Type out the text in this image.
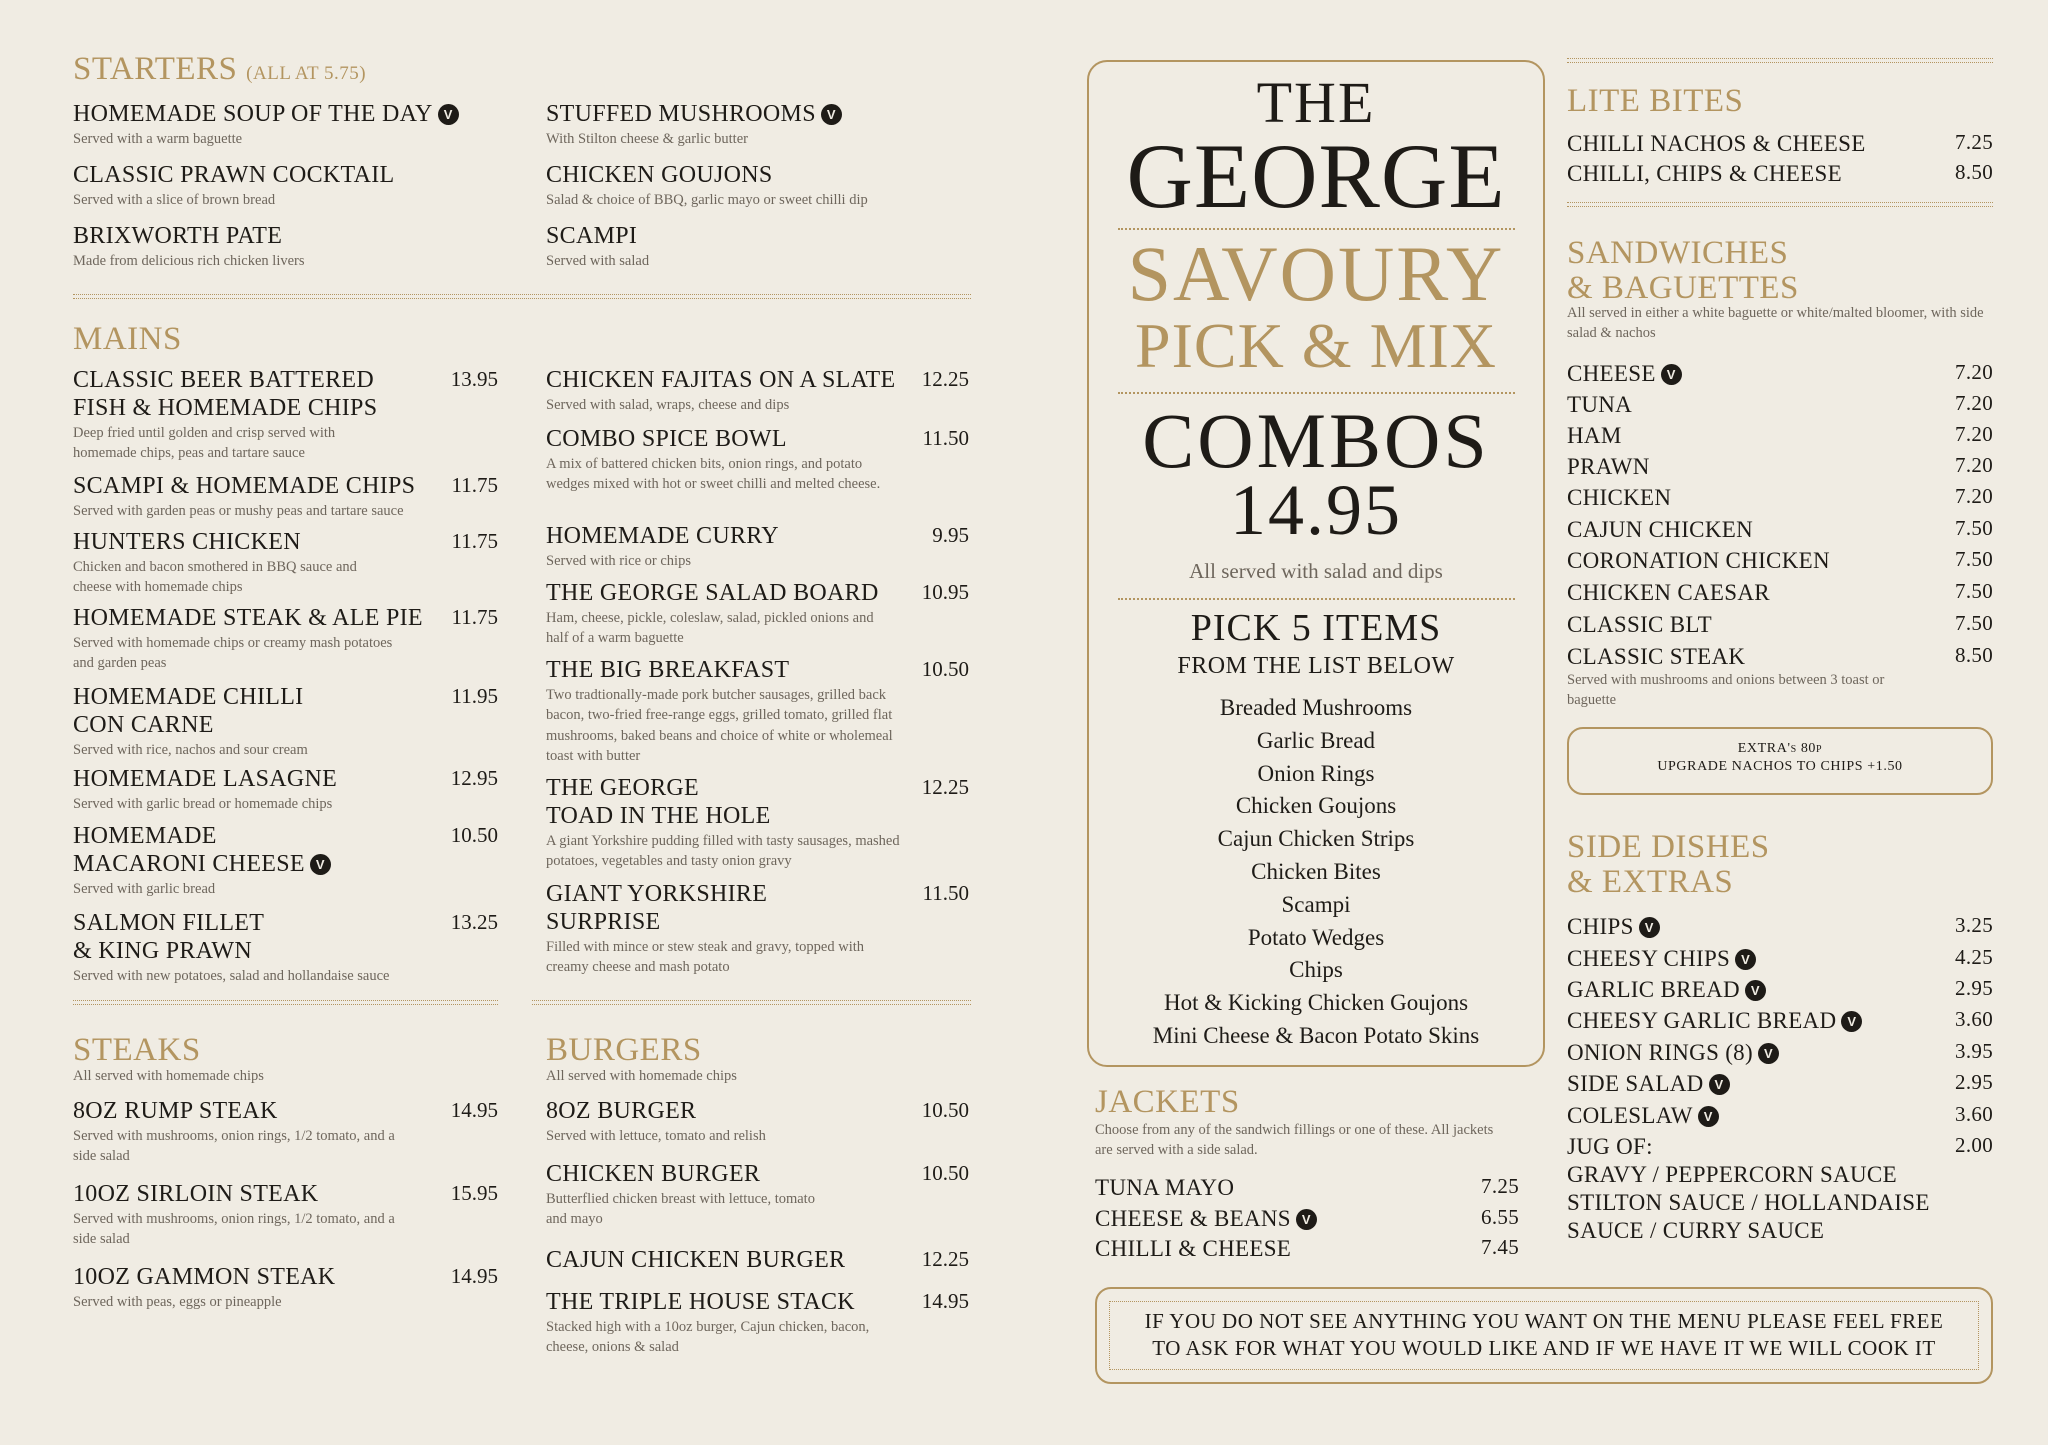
STARTERS (ALL AT 5.75)
HOMEMADE SOUP OF THE DAY V
Served with a warm baguette
CLASSIC PRAWN COCKTAIL
Served with a slice of brown bread
BRIXWORTH PATE
Made from delicious rich chicken livers
STUFFED MUSHROOMS V
With Stilton cheese & garlic butter
CHICKEN GOUJONS
Salad & choice of BBQ, garlic mayo or sweet chilli dip
SCAMPI
Served with salad
MAINS
CLASSIC BEER BATTERED
FISH & HOMEMADE CHIPS
Deep fried until golden and crisp served with homemade chips, peas and tartare sauce
13.95
SCAMPI & HOMEMADE CHIPS
Served with garden peas or mushy peas and tartare sauce
11.75
HUNTERS CHICKEN
Chicken and bacon smothered in BBQ sauce and cheese with homemade chips
11.75
HOMEMADE STEAK & ALE PIE
Served with homemade chips or creamy mash potatoes and garden peas
11.75
HOMEMADE CHILLI
CON CARNE
Served with rice, nachos and sour cream
11.95
HOMEMADE LASAGNE
Served with garlic bread or homemade chips
12.95
HOMEMADE
MACARONI CHEESE V
Served with garlic bread
10.50
SALMON FILLET
& KING PRAWN
Served with new potatoes, salad and hollandaise sauce
13.25
CHICKEN FAJITAS ON A SLATE
Served with salad, wraps, cheese and dips
12.25
COMBO SPICE BOWL
A mix of battered chicken bits, onion rings, and potato wedges mixed with hot or sweet chilli and melted cheese.
11.50
HOMEMADE CURRY
Served with rice or chips
9.95
THE GEORGE SALAD BOARD
Ham, cheese, pickle, coleslaw, salad, pickled onions and half of a warm baguette
10.95
THE BIG BREAKFAST
Two tradtionally-made pork butcher sausages, grilled back bacon, two-fried free-range eggs, grilled tomato, grilled flat mushrooms, baked beans and choice of white or wholemeal toast with butter
10.50
THE GEORGE
TOAD IN THE HOLE
A giant Yorkshire pudding filled with tasty sausages, mashed potatoes, vegetables and tasty onion gravy
12.25
GIANT YORKSHIRE
SURPRISE
Filled with mince or stew steak and gravy, topped with creamy cheese and mash potato
11.50
STEAKS
All served with homemade chips
8OZ RUMP STEAK
Served with mushrooms, onion rings, 1/2 tomato, and a side salad
14.95
10OZ SIRLOIN STEAK
Served with mushrooms, onion rings, 1/2 tomato, and a side salad
15.95
10OZ GAMMON STEAK
Served with peas, eggs or pineapple
14.95
BURGERS
All served with homemade chips
8OZ BURGER
Served with lettuce, tomato and relish
10.50
CHICKEN BURGER
Butterflied chicken breast with lettuce, tomato and mayo
10.50
CAJUN CHICKEN BURGER	12.25
THE TRIPLE HOUSE STACK
Stacked high with a 10oz burger, Cajun chicken, bacon, cheese, onions & salad
14.95
THE
GEORGE
SAVOURY
PICK & MIX
COMBOS
14.95
All served with salad and dips
PICK 5 ITEMS
FROM THE LIST BELOW
Breaded Mushrooms
Garlic Bread
Onion Rings
Chicken Goujons
Cajun Chicken Strips
Chicken Bites
Scampi
Potato Wedges
Chips
Hot & Kicking Chicken Goujons
Mini Cheese & Bacon Potato Skins
JACKETS
Choose from any of the sandwich fillings or one of these. All jackets are served with a side salad.
TUNA MAYO	7.25
CHEESE & BEANS V	6.55
CHILLI & CHEESE	7.45
LITE BITES
CHILLI NACHOS & CHEESE	7.25
CHILLI, CHIPS & CHEESE	8.50
SANDWICHES
& BAGUETTES
All served in either a white baguette or white/malted bloomer, with side salad & nachos
CHEESE V	7.20
TUNA	7.20
HAM	7.20
PRAWN	7.20
CHICKEN	7.20
CAJUN CHICKEN	7.50
CORONATION CHICKEN	7.50
CHICKEN CAESAR	7.50
CLASSIC BLT	7.50
CLASSIC STEAK	8.50
Served with mushrooms and onions between 3 toast or baguette
EXTRA's 80p
UPGRADE NACHOS TO CHIPS +1.50
SIDE DISHES
& EXTRAS
CHIPS V	3.25
CHEESY CHIPS V	4.25
GARLIC BREAD V	2.95
CHEESY GARLIC BREAD V	3.60
ONION RINGS (8) V	3.95
SIDE SALAD V	2.95
COLESLAW V	3.60
JUG OF:	2.00
GRAVY / PEPPERCORN SAUCE
STILTON SAUCE / HOLLANDAISE
SAUCE / CURRY SAUCE
IF YOU DO NOT SEE ANYTHING YOU WANT ON THE MENU PLEASE FEEL FREE
TO ASK FOR WHAT YOU WOULD LIKE AND IF WE HAVE IT WE WILL COOK IT
